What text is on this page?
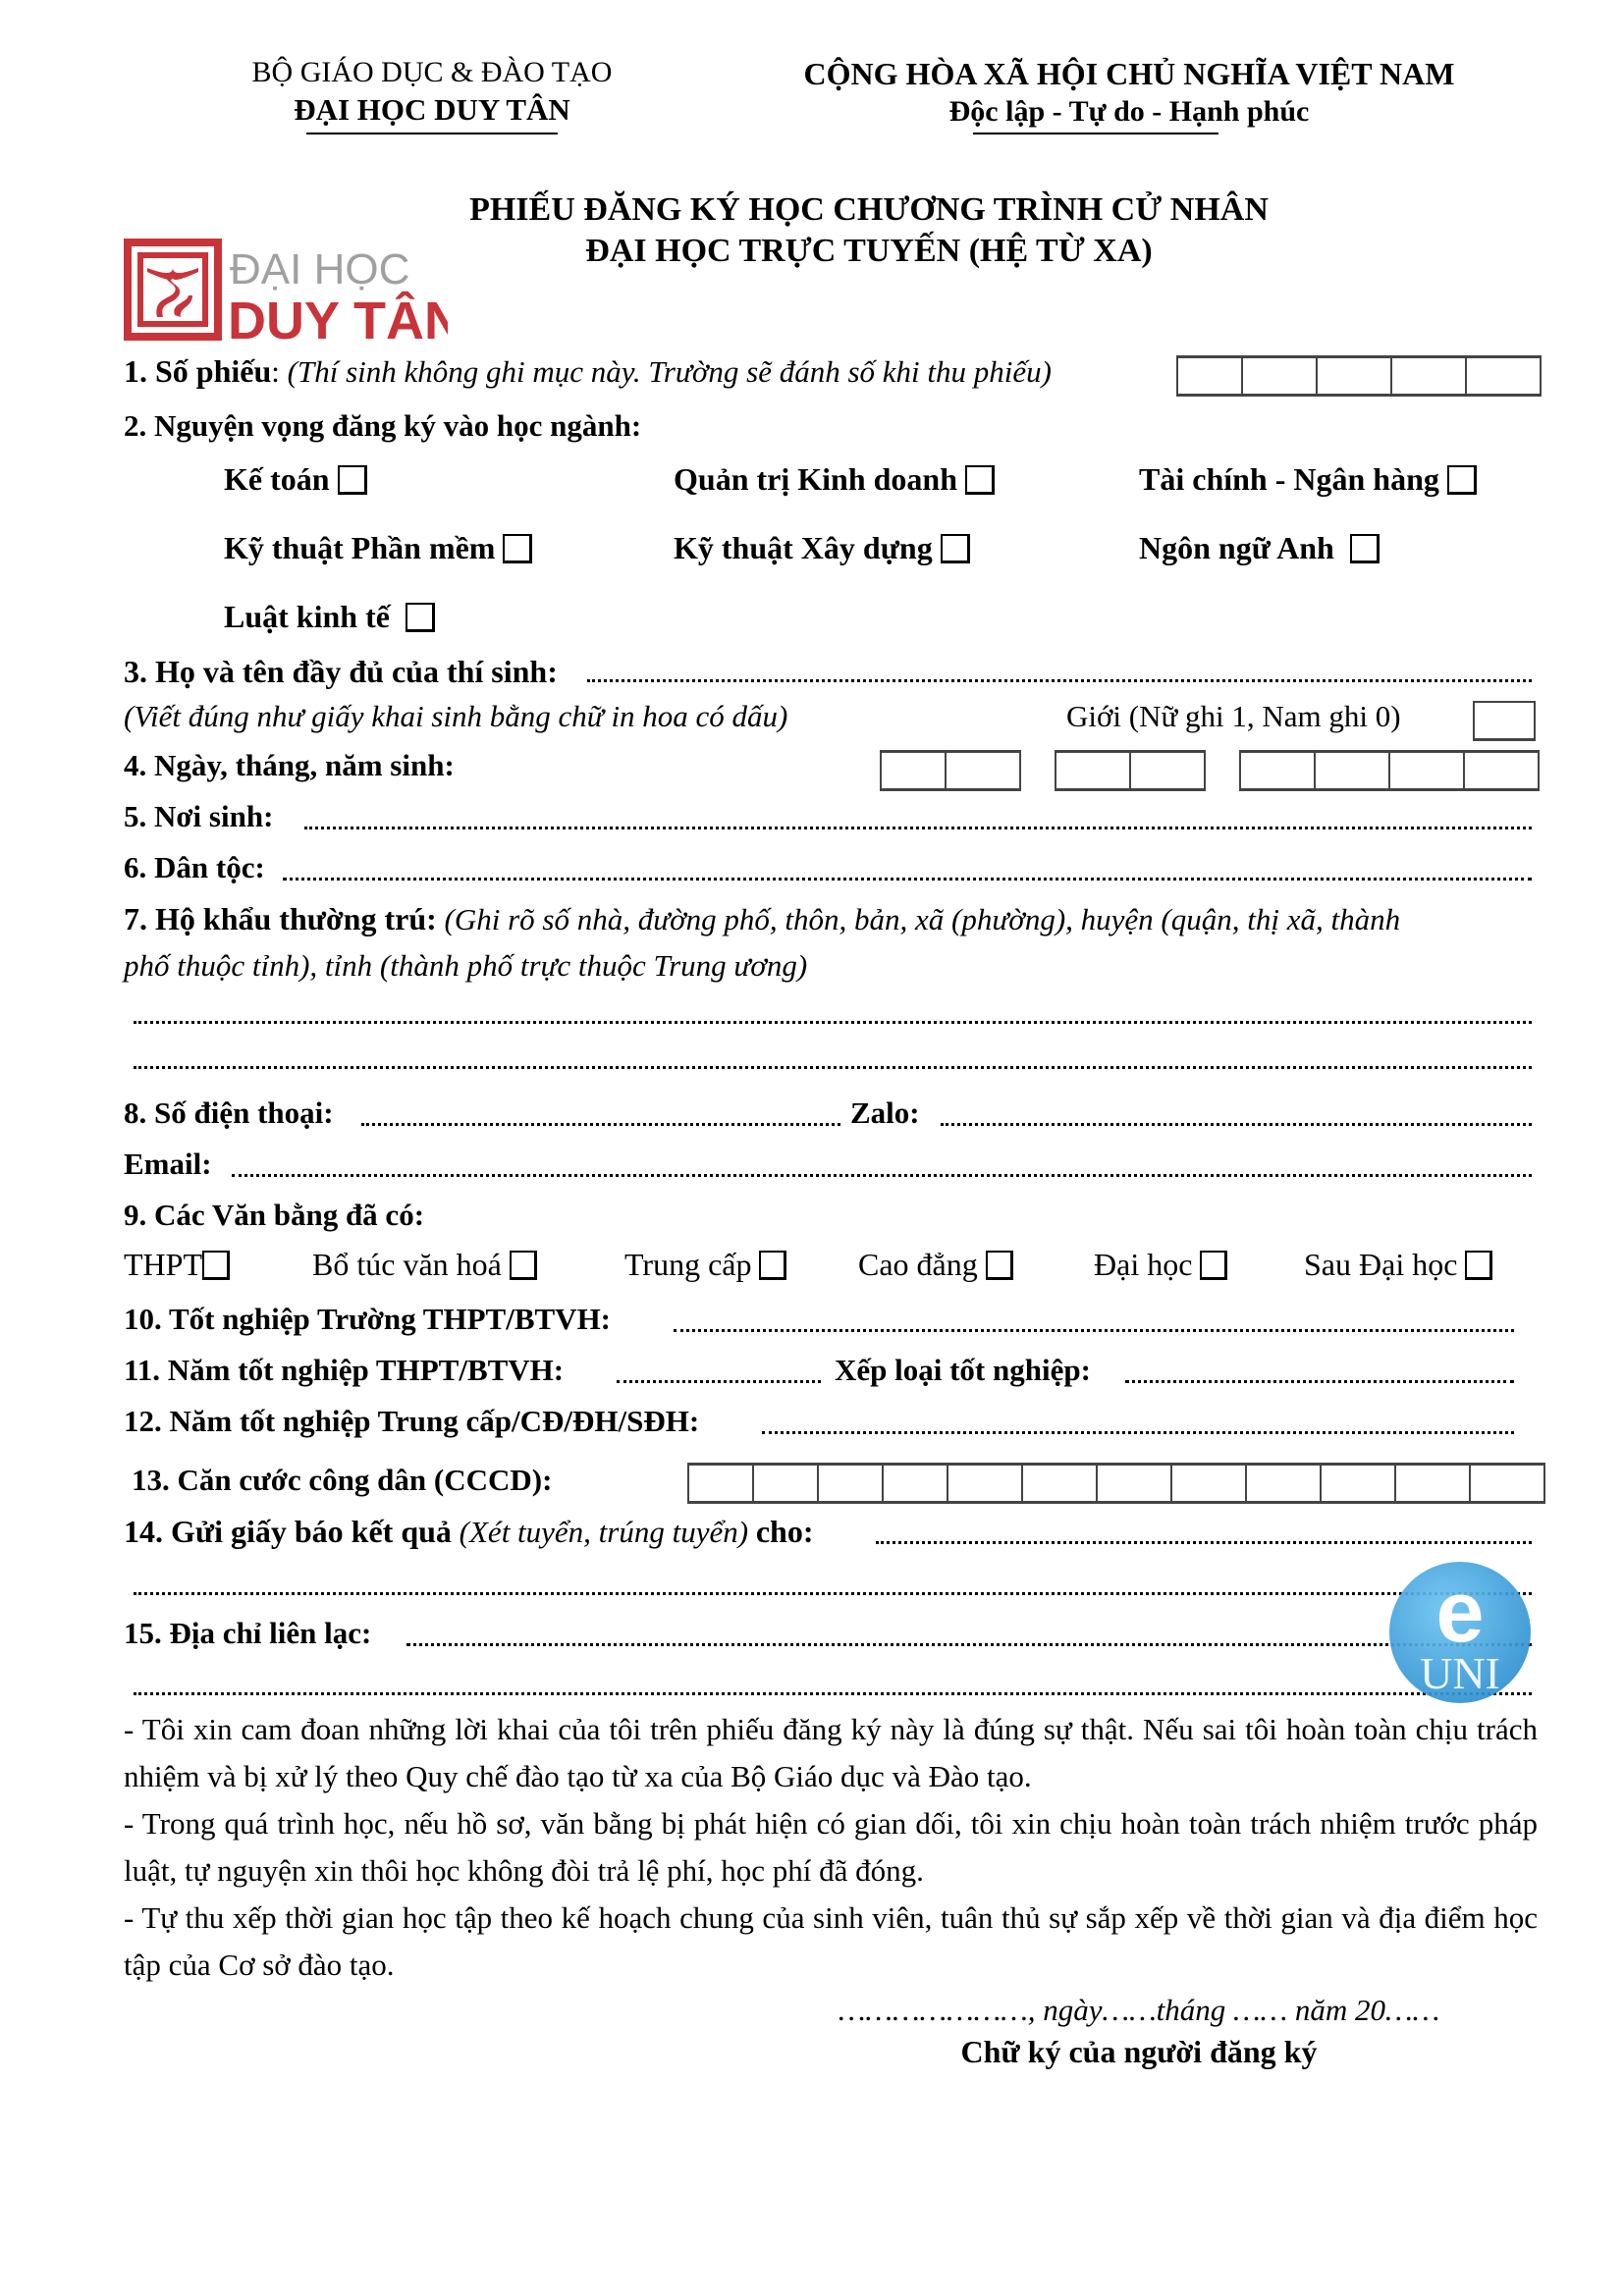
BỘ GIÁO DỤC & ĐÀO TẠO
ĐẠI HỌC DUY TÂN
CỘNG HÒA XÃ HỘI CHỦ NGHĨA VIỆT NAM
Độc lập - Tự do - Hạnh phúc
PHIẾU ĐĂNG KÝ HỌC CHƯƠNG TRÌNH CỬ NHÂN
ĐẠI HỌC TRỰC TUYẾN (HỆ TỪ XA)
ĐẠI HỌC
DUY TÂN
1. Số phiếu: (Thí sinh không ghi mục này. Trường sẽ đánh số khi thu phiếu)
2. Nguyện vọng đăng ký vào học ngành:
Kế toán	Quản trị Kinh doanh	Tài chính - Ngân hàng
Kỹ thuật Phần mềm	Kỹ thuật Xây dựng	Ngôn ngữ Anh
Luật kinh tế
3. Họ và tên đầy đủ của thí sinh:
(Viết đúng như giấy khai sinh bằng chữ in hoa có dấu)	Giới (Nữ ghi 1, Nam ghi 0)
4. Ngày, tháng, năm sinh:
5. Nơi sinh:
6. Dân tộc:
7. Hộ khẩu thường trú: (Ghi rõ số nhà, đường phố, thôn, bản, xã (phường), huyện (quận, thị xã, thành
phố thuộc tỉnh), tỉnh (thành phố trực thuộc Trung ương)
8. Số điện thoại:	Zalo:
Email:
9. Các Văn bằng đã có:
THPT	Bổ túc văn hoá	Trung cấp	Cao đẳng	Đại học	Sau Đại học
10. Tốt nghiệp Trường THPT/BTVH:
11. Năm tốt nghiệp THPT/BTVH:	Xếp loại tốt nghiệp:
12. Năm tốt nghiệp Trung cấp/CĐ/ĐH/SĐH:
13. Căn cước công dân (CCCD):
14. Gửi giấy báo kết quả (Xét tuyển, trúng tuyển) cho:
15. Địa chỉ liên lạc:	e
UNI
- Tôi xin cam đoan những lời khai của tôi trên phiếu đăng ký này là đúng sự thật. Nếu sai tôi hoàn toàn chịu trách nhiệm và bị xử lý theo Quy chế đào tạo từ xa của Bộ Giáo dục và Đào tạo.
- Trong quá trình học, nếu hồ sơ, văn bằng bị phát hiện có gian dối, tôi xin chịu hoàn toàn trách nhiệm trước pháp luật, tự nguyện xin thôi học không đòi trả lệ phí, học phí đã đóng.
- Tự thu xếp thời gian học tập theo kế hoạch chung của sinh viên, tuân thủ sự sắp xếp về thời gian và địa điểm học tập của Cơ sở đào tạo.
…………………, ngày……tháng …… năm 20……
Chữ ký của người đăng ký
